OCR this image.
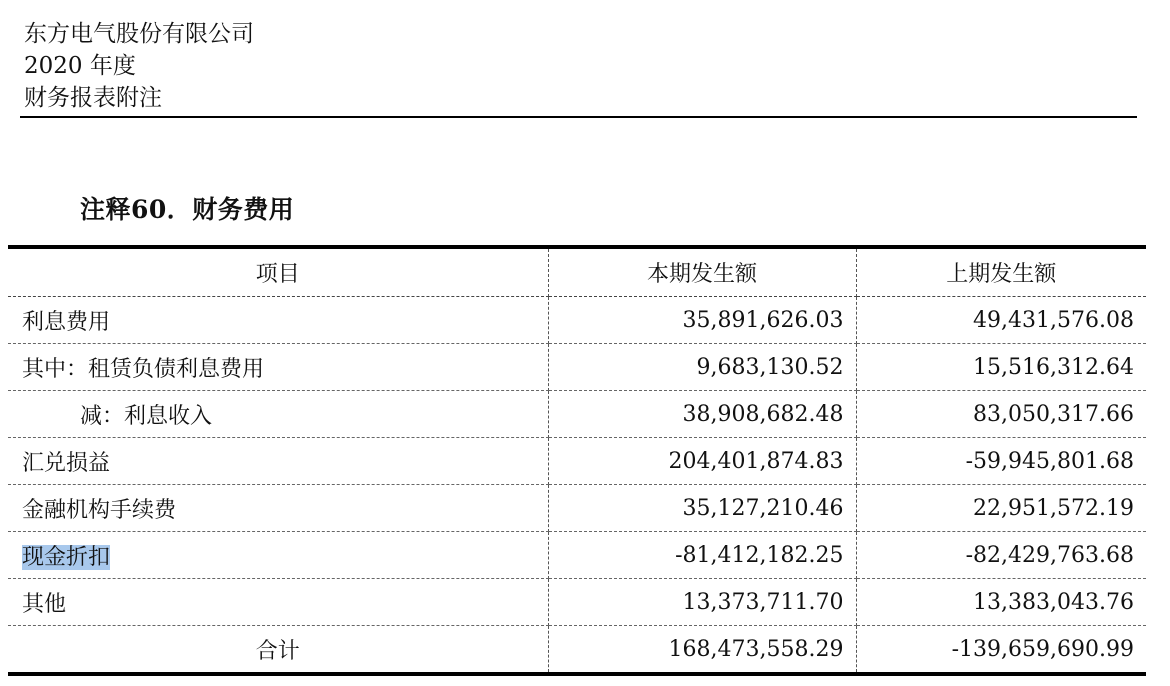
东方电气股份有限公司
2020 年度
财务报表附注
注释60．财务费用
项目	本期发生额	上期发生额
利息费用	35,891,626.03	49,431,576.08
其中：租赁负债利息费用	9,683,130.52	15,516,312.64
减：利息收入	38,908,682.48	83,050,317.66
汇兑损益	204,401,874.83	-59,945,801.68
金融机构手续费	35,127,210.46	22,951,572.19
现金折扣	-81,412,182.25	-82,429,763.68
其他	13,373,711.70	13,383,043.76
合计	168,473,558.29	-139,659,690.99
